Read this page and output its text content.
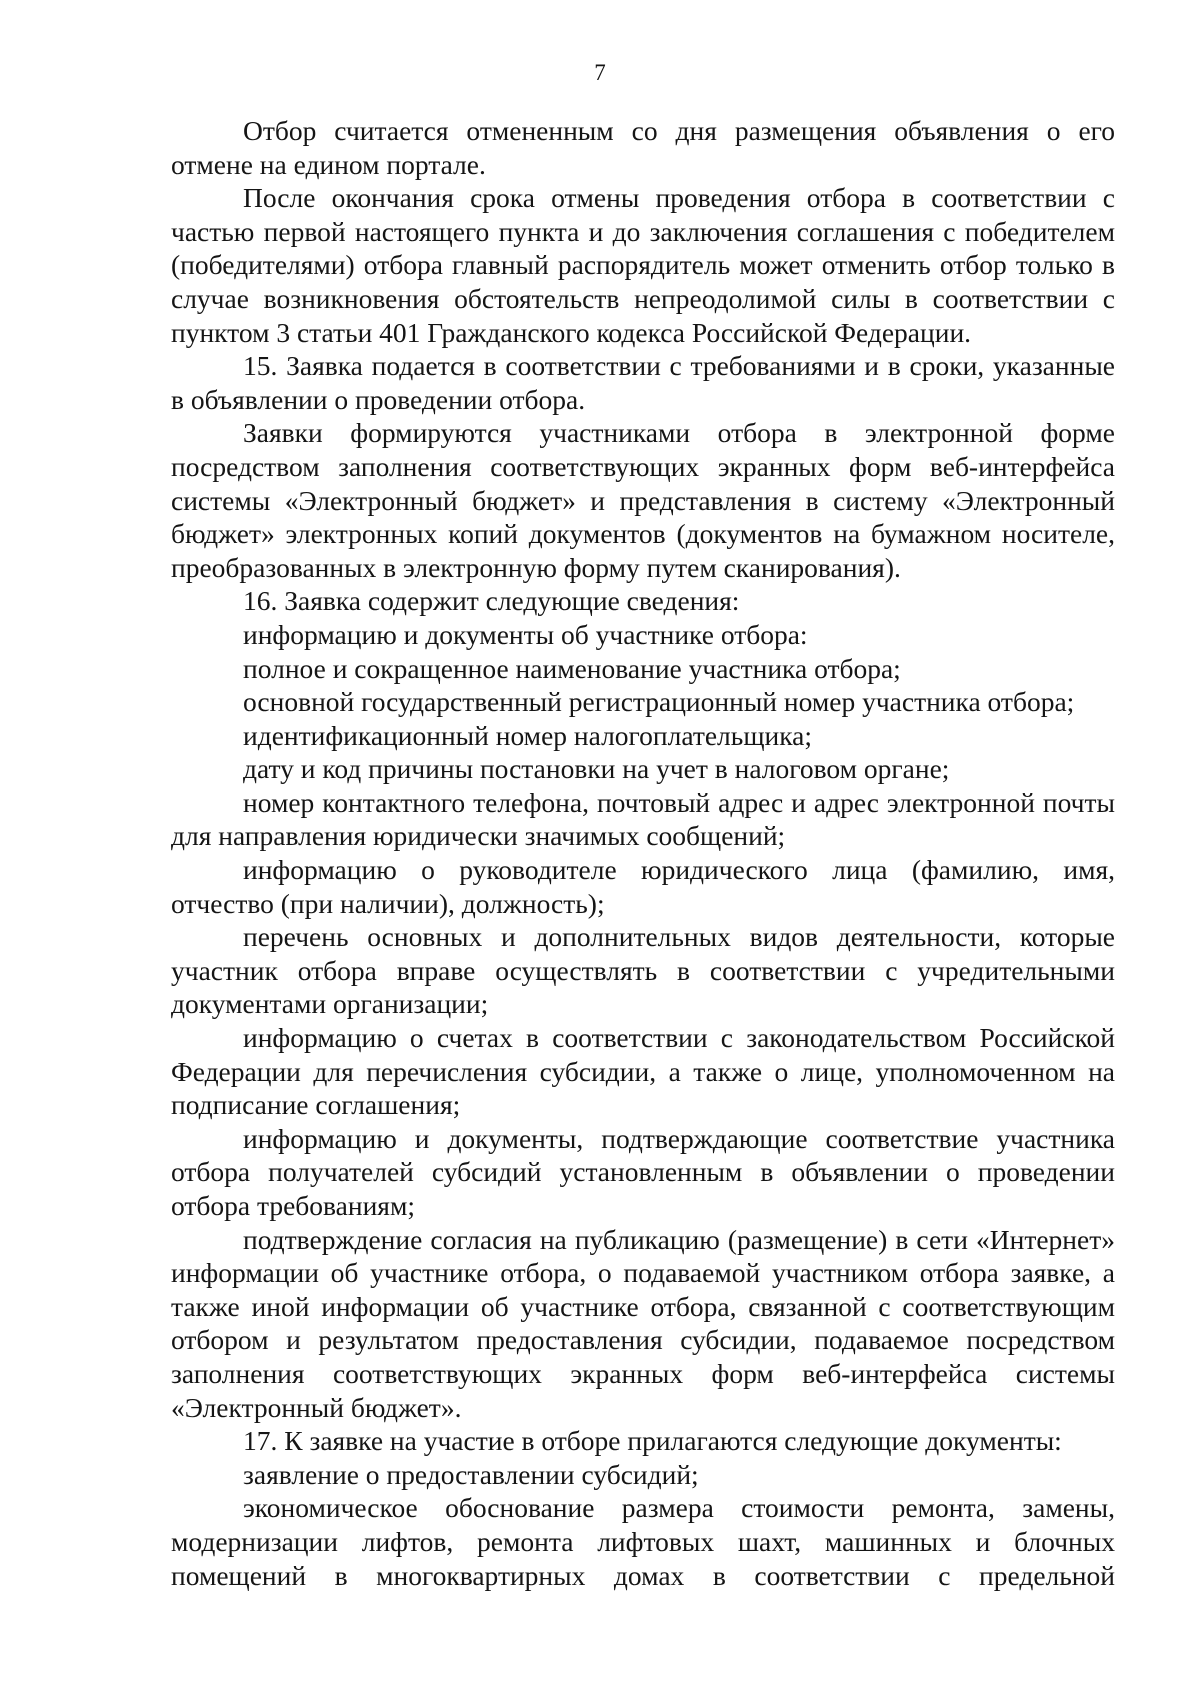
7

Отбор считается отмененным со дня размещения объявления о его отмене на едином портале.

После окончания срока отмены проведения отбора в соответствии с частью первой настоящего пункта и до заключения соглашения с победителем (победителями) отбора главный распорядитель может отменить отбор только в случае возникновения обстоятельств непреодолимой силы в соответствии с пунктом 3 статьи 401 Гражданского кодекса Российской Федерации.

15. Заявка подается в соответствии с требованиями и в сроки, указанные в объявлении о проведении отбора.

Заявки формируются участниками отбора в электронной форме посредством заполнения соответствующих экранных форм веб-интерфейса системы «Электронный бюджет» и представления в систему «Электронный бюджет» электронных копий документов (документов на бумажном носителе, преобразованных в электронную форму путем сканирования).

16. Заявка содержит следующие сведения:

информацию и документы об участнике отбора:

полное и сокращенное наименование участника отбора;

основной государственный регистрационный номер участника отбора;

идентификационный номер налогоплательщика;

дату и код причины постановки на учет в налоговом органе;

номер контактного телефона, почтовый адрес и адрес электронной почты для направления юридически значимых сообщений;

информацию о руководителе юридического лица (фамилию, имя, отчество (при наличии), должность);

перечень основных и дополнительных видов деятельности, которые участник отбора вправе осуществлять в соответствии с учредительными документами организации;

информацию о счетах в соответствии с законодательством Российской Федерации для перечисления субсидии, а также о лице, уполномоченном на подписание соглашения;

информацию и документы, подтверждающие соответствие участника отбора получателей субсидий установленным в объявлении о проведении отбора требованиям;

подтверждение согласия на публикацию (размещение) в сети «Интернет» информации об участнике отбора, о подаваемой участником отбора заявке, а также иной информации об участнике отбора, связанной с соответствующим отбором и результатом предоставления субсидии, подаваемое посредством заполнения соответствующих экранных форм веб-интерфейса системы «Электронный бюджет».

17. К заявке на участие в отборе прилагаются следующие документы:

заявление о предоставлении субсидий;

экономическое обоснование размера стоимости ремонта, замены, модернизации лифтов, ремонта лифтовых шахт, машинных и блочных помещений в многоквартирных домах в соответствии с предельной
